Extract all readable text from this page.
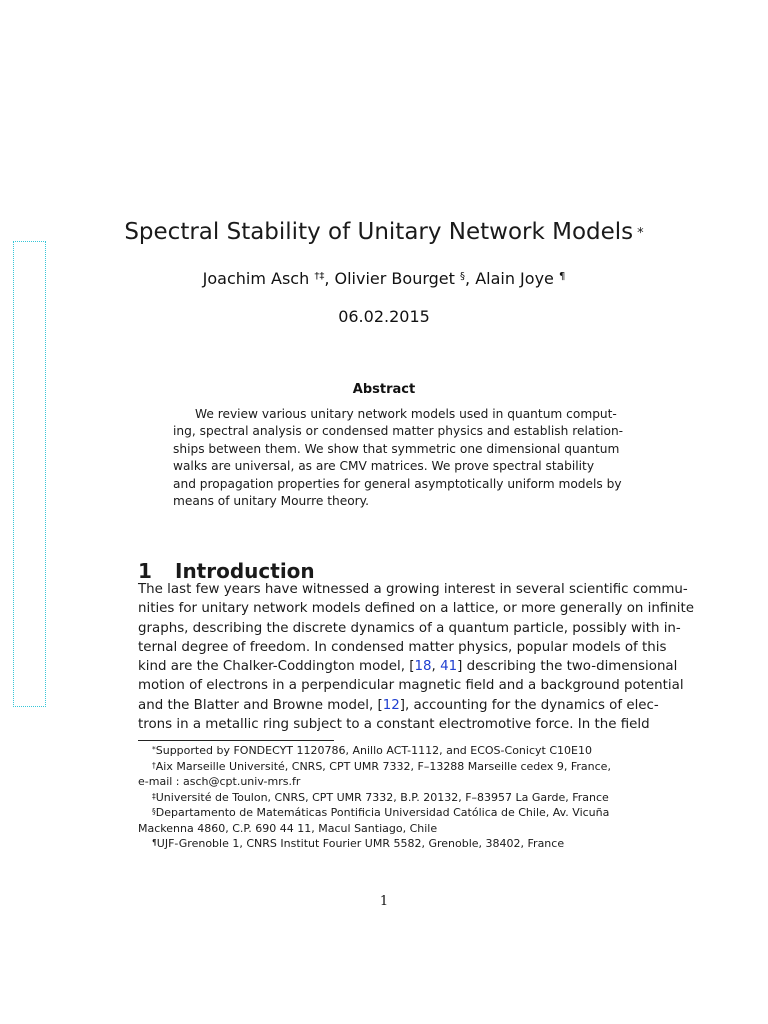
Spectral Stability of Unitary Network Models *
Joachim Asch †‡, Olivier Bourget §, Alain Joye ¶
06.02.2015
Abstract
We review various unitary network models used in quantum comput-
ing, spectral analysis or condensed matter physics and establish relation-
ships between them. We show that symmetric one dimensional quantum
walks are universal, as are CMV matrices. We prove spectral stability
and propagation properties for general asymptotically uniform models by
means of unitary Mourre theory.
1 Introduction
The last few years have witnessed a growing interest in several scientific commu-
nities for unitary network models defined on a lattice, or more generally on infinite
graphs, describing the discrete dynamics of a quantum particle, possibly with in-
ternal degree of freedom. In condensed matter physics, popular models of this
kind are the Chalker-Coddington model, [18, 41] describing the two-dimensional
motion of electrons in a perpendicular magnetic field and a background potential
and the Blatter and Browne model, [12], accounting for the dynamics of elec-
trons in a metallic ring subject to a constant electromotive force. In the field
*Supported by FONDECYT 1120786, Anillo ACT-1112, and ECOS-Conicyt C10E10
†Aix Marseille Université, CNRS, CPT UMR 7332, F–13288 Marseille cedex 9, France,
e-mail : asch@cpt.univ-mrs.fr
‡Université de Toulon, CNRS, CPT UMR 7332, B.P. 20132, F–83957 La Garde, France
§Departamento de Matemáticas Pontificia Universidad Católica de Chile, Av. Vicuña
Mackenna 4860, C.P. 690 44 11, Macul Santiago, Chile
¶UJF-Grenoble 1, CNRS Institut Fourier UMR 5582, Grenoble, 38402, France
1
